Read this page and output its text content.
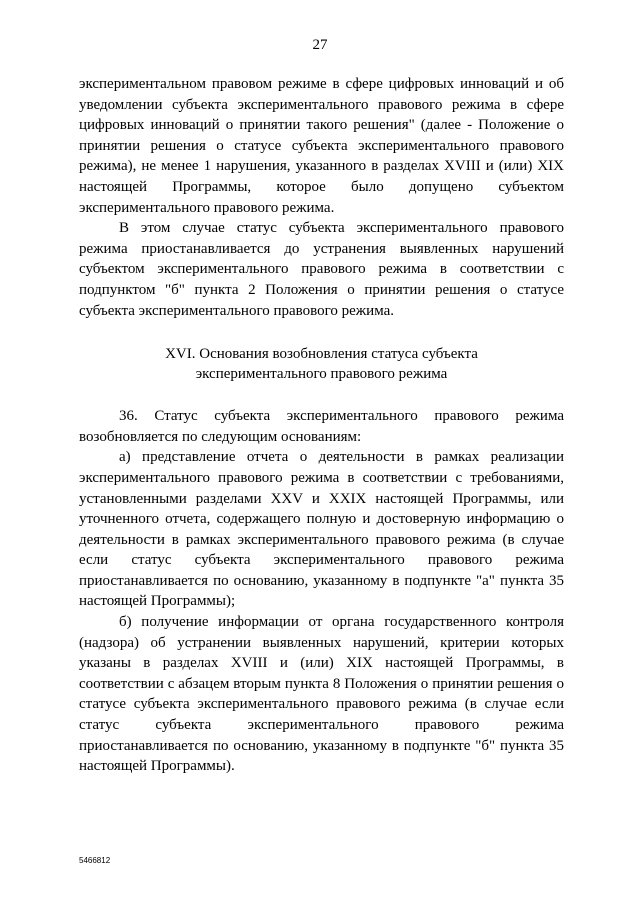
27

экспериментальном правовом режиме в сфере цифровых инноваций и об уведомлении субъекта экспериментального правового режима в сфере цифровых инноваций о принятии такого решения" (далее - Положение о принятии решения о статусе субъекта экспериментального правового режима), не менее 1 нарушения, указанного в разделах XVIII и (или) XIX настоящей Программы, которое было допущено субъектом экспериментального правового режима.

В этом случае статус субъекта экспериментального правового режима приостанавливается до устранения выявленных нарушений субъектом экспериментального правового режима в соответствии с подпунктом "б" пункта 2 Положения о принятии решения о статусе субъекта экспериментального правового режима.

XVI. Основания возобновления статуса субъекта
экспериментального правового режима

36. Статус субъекта экспериментального правового режима возобновляется по следующим основаниям:

а) представление отчета о деятельности в рамках реализации экспериментального правового режима в соответствии с требованиями, установленными разделами XXV и XXIX настоящей Программы, или уточненного отчета, содержащего полную и достоверную информацию о деятельности в рамках экспериментального правового режима (в случае если статус субъекта экспериментального правового режима приостанавливается по основанию, указанному в подпункте "а" пункта 35 настоящей Программы);

б) получение информации от органа государственного контроля (надзора) об устранении выявленных нарушений, критерии которых указаны в разделах XVIII и (или) XIX настоящей Программы, в соответствии с абзацем вторым пункта 8 Положения о принятии решения о статусе субъекта экспериментального правового режима (в случае если статус субъекта экспериментального правового режима приостанавливается по основанию, указанному в подпункте "б" пункта 35 настоящей Программы).

5466812
